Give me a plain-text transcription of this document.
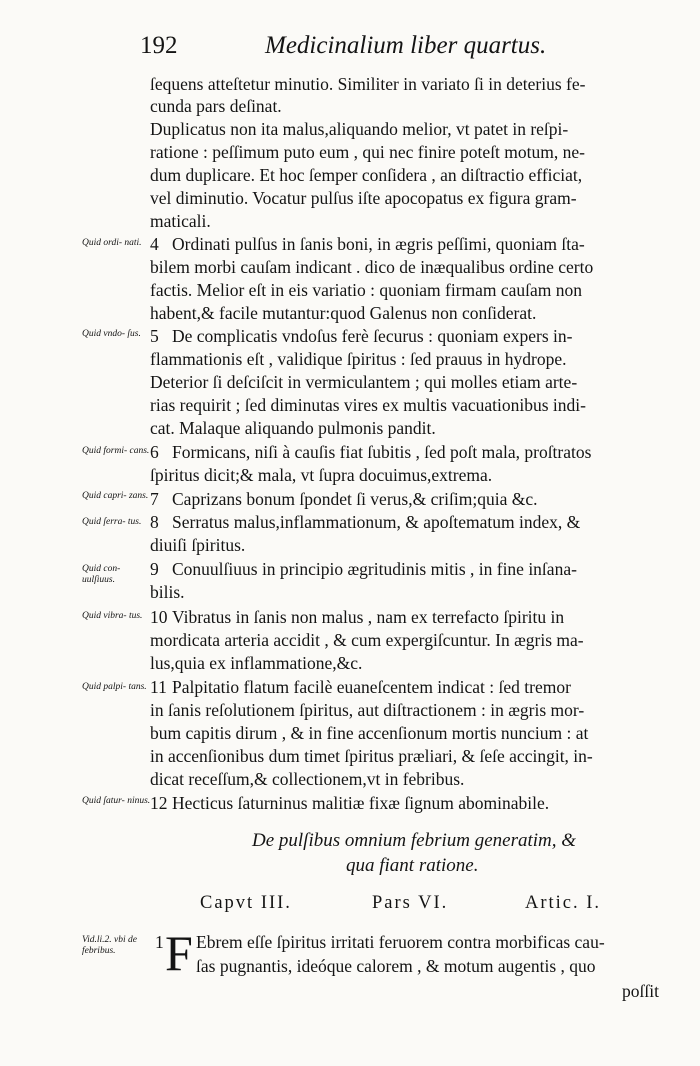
192	Medicinalium liber quartus.
ſequens atteſtetur minutio. Similiter in variato ſi in deterius fe-
cunda pars deſinat.
Duplicatus non ita malus,aliquando melior, vt patet in reſpi-
ratione : peſſimum puto eum , qui nec finire poteſt motum, ne-
dum duplicare. Et hoc ſemper conſidera , an diſtractio efficiat,
vel diminutio. Vocatur pulſus iſte apocopatus ex figura gram-
maticali.
Quid ordi- nati. 4 Ordinati pulſus in ſanis boni, in ægris peſſimi, quoniam ſta-
bilem morbi cauſam indicant . dico de inæqualibus ordine certo
factis. Melior eſt in eis variatio : quoniam firmam cauſam non
habent,& facile mutantur:quod Galenus non conſiderat.
Quid vndo- ſus. 5 De complicatis vndoſus ferè ſecurus : quoniam expers in-
flammationis eſt , validique ſpiritus : ſed prauus in hydrope.
Deterior ſi deſciſcit in vermiculantem ; qui molles etiam arte-
rias requirit ; ſed diminutas vires ex multis vacuationibus indi-
cat. Malaque aliquando pulmonis pandit.
Quid formi- cans. 6 Formicans, niſi à cauſis fiat ſubitis , ſed poſt mala, proſtratos
ſpiritus dicit;& mala, vt ſupra docuimus,extrema.
Quid capri- zans. 7 Caprizans bonum ſpondet ſi verus,& criſim;quia &c.
Quid ſerra- tus. 8 Serratus malus,inflammationum, & apoſtematum index, &
diuiſi ſpiritus.
Quid con- uulſiuus.
9 Conuulſiuus in principio ægritudinis mitis , in fine inſana-
bilis.
Quid vibra- tus. 10 Vibratus in ſanis non malus , nam ex terrefacto ſpiritu in
mordicata arteria accidit , & cum expergiſcuntur. In ægris ma-
lus,quia ex inflammatione,&c.
Quid palpi- tans. 11 Palpitatio flatum facilè euaneſcentem indicat : ſed tremor
in ſanis reſolutionem ſpiritus, aut diſtractionem : in ægris mor-
bum capitis dirum , & in fine accenſionum mortis nuncium : at
in accenſionibus dum timet ſpiritus præliari, & ſeſe accingit, in-
dicat receſſum,& collectionem,vt in febribus.
Quid ſatur- ninus. 12 Hecticus ſaturninus malitiæ fixæ ſignum abominabile.
De pulſibus omnium febrium generatim, &
qua fiant ratione.
Capvt III.	Pars VI.	Artic. I.
Vid.li.2. vbi de febribus.	1 F Ebrem eſſe ſpiritus irritati feruorem contra morbificas cau-
ſas pugnantis, ideóque calorem , & motum augentis , quo
poſſit
